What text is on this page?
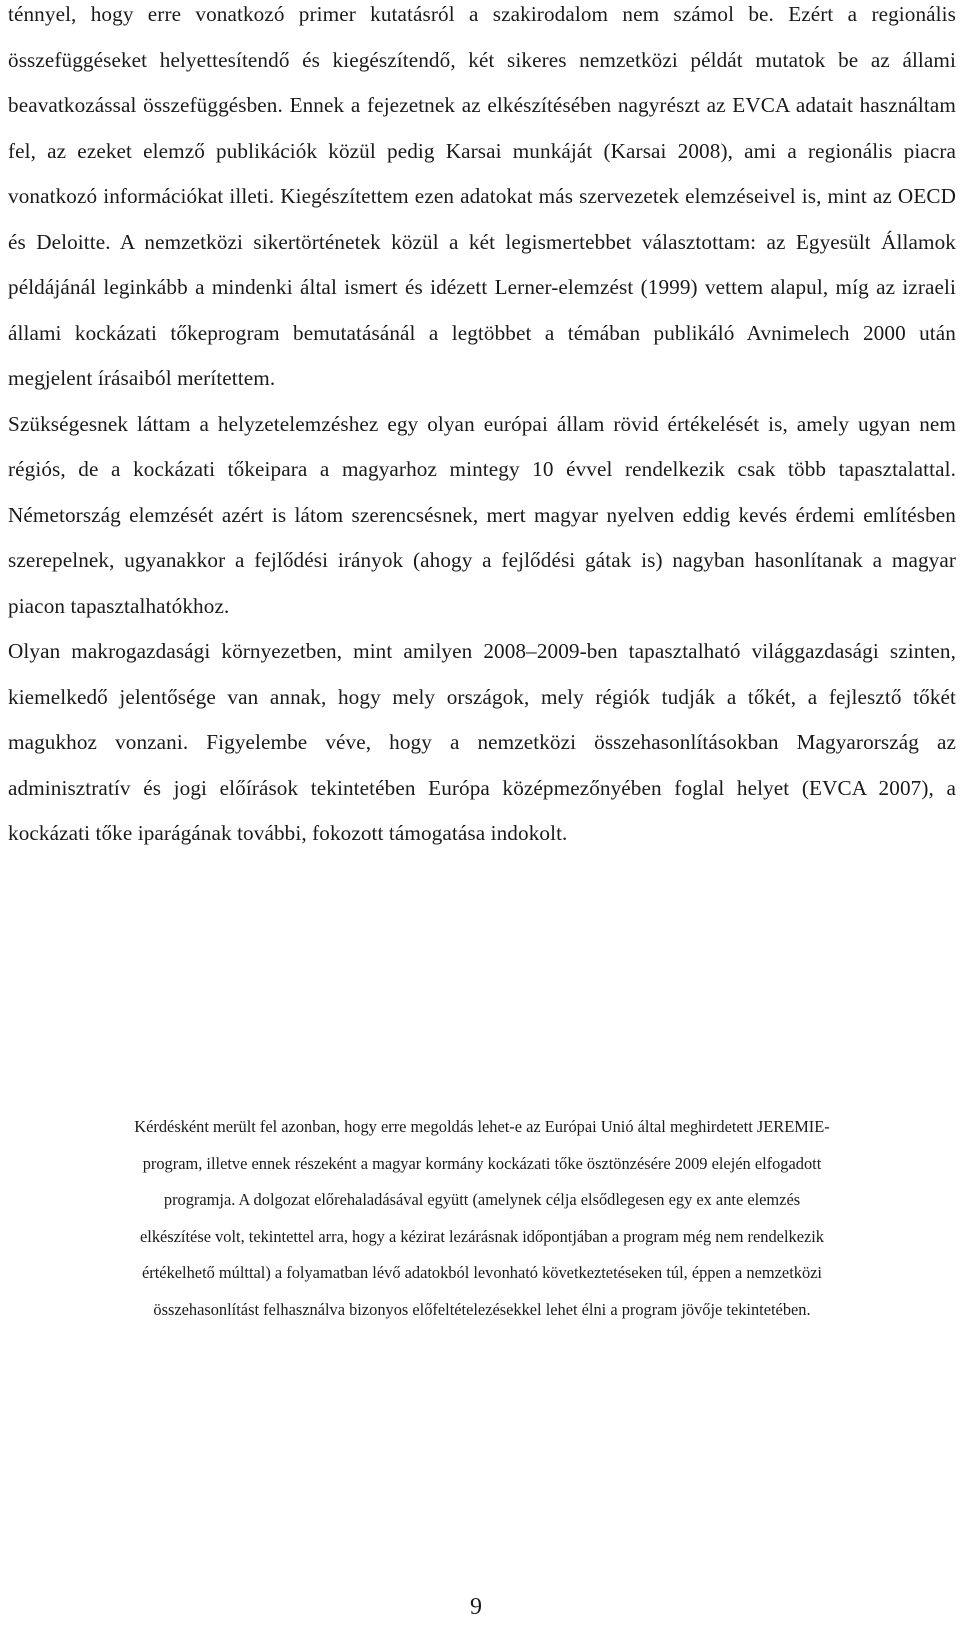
ténnyel, hogy erre vonatkozó primer kutatásról a szakirodalom nem számol be. Ezért a regionális összefüggéseket helyettesítendő és kiegészítendő, két sikeres nemzetközi példát mutatok be az állami beavatkozással összefüggésben. Ennek a fejezetnek az elkészítésében nagyrészt az EVCA adatait használtam fel, az ezeket elemző publikációk közül pedig Karsai munkáját (Karsai 2008), ami a regionális piacra vonatkozó információkat illeti. Kiegészítettem ezen adatokat más szervezetek elemzéseivel is, mint az OECD és Deloitte. A nemzetközi sikertörténetek közül a két legismertebbet választottam: az Egyesült Államok példájánál leginkább a mindenki által ismert és idézett Lerner-elemzést (1999) vettem alapul, míg az izraeli állami kockázati tőkeprogram bemutatásánál a legtöbbet a témában publikáló Avnimelech 2000 után megjelent írásaiból merítettem.

Szükségesnek láttam a helyzetelemzéshez egy olyan európai állam rövid értékelését is, amely ugyan nem régiós, de a kockázati tőkeipara a magyarhoz mintegy 10 évvel rendelkezik csak több tapasztalattal. Németország elemzését azért is látom szerencsésnek, mert magyar nyelven eddig kevés érdemi említésben szerepelnek, ugyanakkor a fejlődési irányok (ahogy a fejlődési gátak is) nagyban hasonlítanak a magyar piacon tapasztalhatókhoz.

Olyan makrogazdasági környezetben, mint amilyen 2008–2009-ben tapasztalható világgazdasági szinten, kiemelkedő jelentősége van annak, hogy mely országok, mely régiók tudják a tőkét, a fejlesztő tőkét magukhoz vonzani. Figyelembe véve, hogy a nemzetközi összehasonlításokban Magyarország az adminisztratív és jogi előírások tekintetében Európa középmezőnyében foglal helyet (EVCA 2007), a kockázati tőke iparágának további, fokozott támogatása indokolt.

Kérdésként merült fel azonban, hogy erre megoldás lehet-e az Európai Unió által meghirdetett JEREMIE-

program, illetve ennek részeként a magyar kormány kockázati tőke ösztönzésére 2009 elején elfogadott

programja. A dolgozat előrehaladásával együtt (amelynek célja elsődlegesen egy ex ante elemzés

elkészítése volt, tekintettel arra, hogy a kézirat lezárásnak időpontjában a program még nem rendelkezik

értékelhető múlttal) a folyamatban lévő adatokból levonható következtetéseken túl, éppen a nemzetközi

összehasonlítást felhasználva bizonyos előfeltételezésekkel lehet élni a program jövője tekintetében.

9
